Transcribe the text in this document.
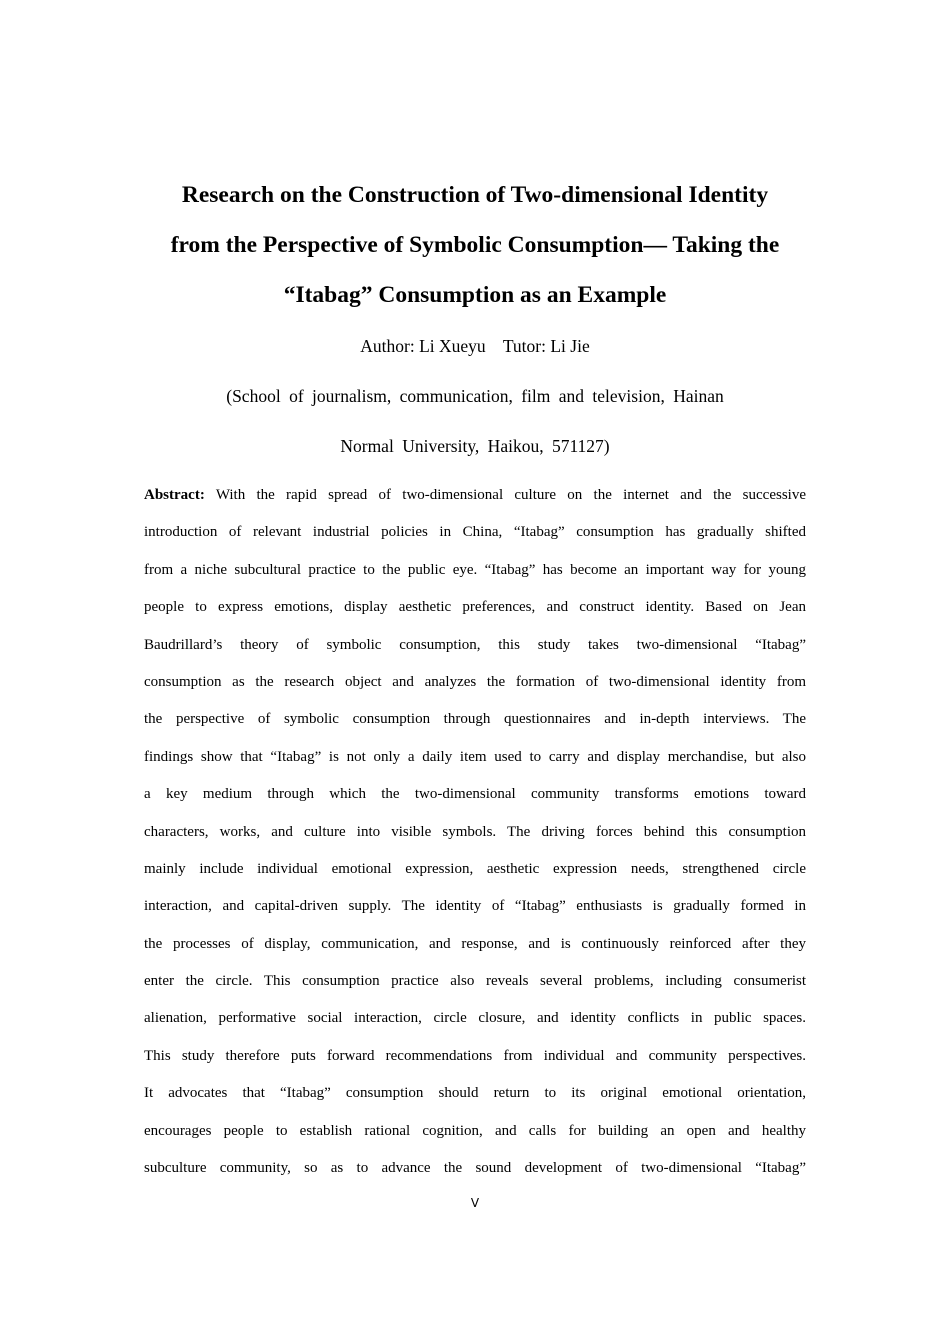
Research on the Construction of Two-dimensional Identity

from the Perspective of Symbolic Consumption— Taking the

“Itabag” Consumption as an Example

Author: Li Xueyu    Tutor: Li Jie
(School of journalism, communication, film and television, Hainan
Normal University, Haikou, 571127)
Abstract: With the rapid spread of two-dimensional culture on the internet and the successive
introduction of relevant industrial policies in China, “Itabag” consumption has gradually shifted
from a niche subcultural practice to the public eye. “Itabag” has become an important way for young
people to express emotions, display aesthetic preferences, and construct identity. Based on Jean
Baudrillard’s theory of symbolic consumption, this study takes two-dimensional “Itabag”
consumption as the research object and analyzes the formation of two-dimensional identity from
the perspective of symbolic consumption through questionnaires and in-depth interviews. The
findings show that “Itabag” is not only a daily item used to carry and display merchandise, but also
a key medium through which the two-dimensional community transforms emotions toward
characters, works, and culture into visible symbols. The driving forces behind this consumption
mainly include individual emotional expression, aesthetic expression needs, strengthened circle
interaction, and capital-driven supply. The identity of “Itabag” enthusiasts is gradually formed in
the processes of display, communication, and response, and is continuously reinforced after they
enter the circle. This consumption practice also reveals several problems, including consumerist
alienation, performative social interaction, circle closure, and identity conflicts in public spaces.
This study therefore puts forward recommendations from individual and community perspectives.
It advocates that “Itabag” consumption should return to its original emotional orientation,
encourages people to establish rational cognition, and calls for building an open and healthy
subculture community, so as to advance the sound development of two-dimensional “Itabag”
Ⅴ
